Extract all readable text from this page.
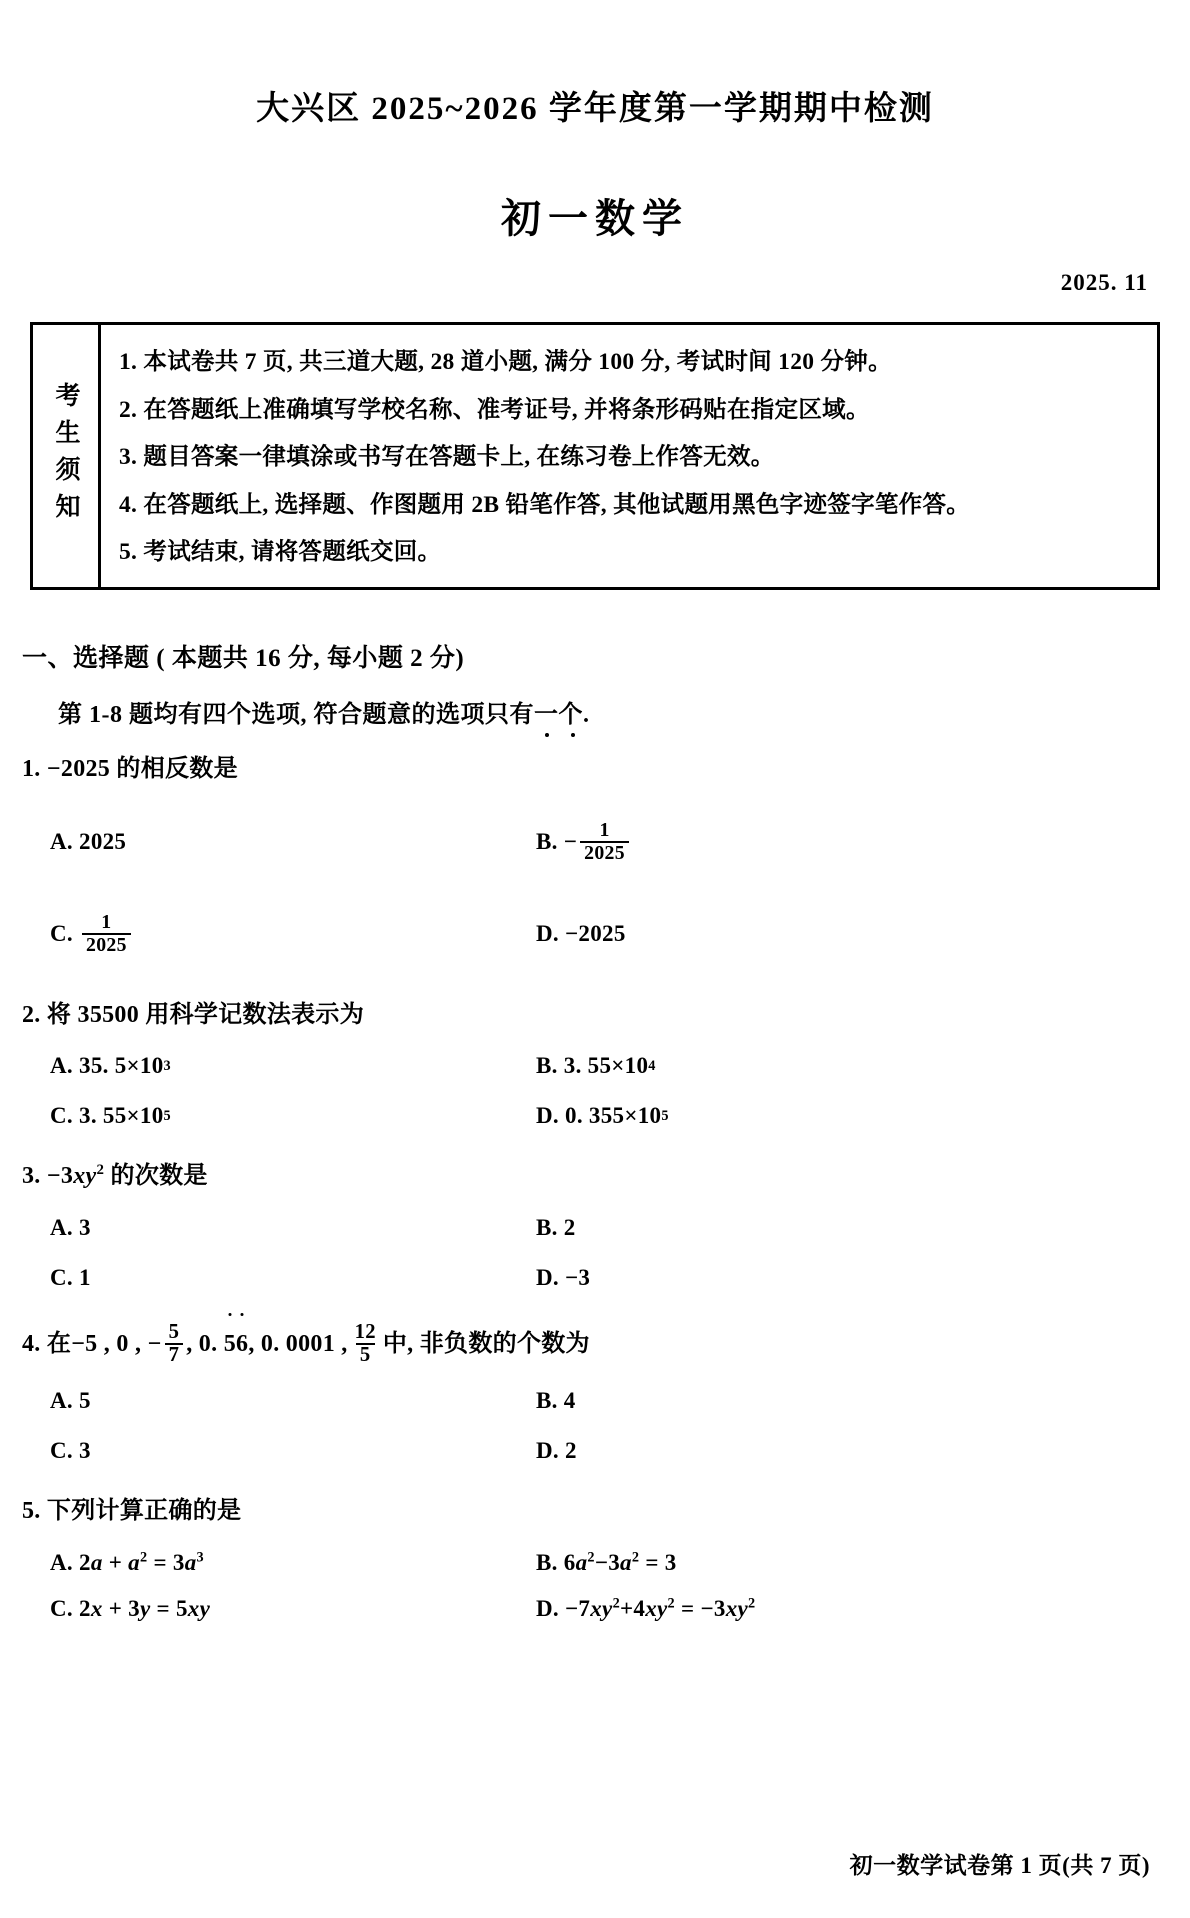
大兴区 2025~2026 学年度第一学期期中检测
初一数学
2025. 11
考生须知
1. 本试卷共 7 页, 共三道大题, 28 道小题, 满分 100 分, 考试时间 120 分钟。
2. 在答题纸上准确填写学校名称、准考证号, 并将条形码贴在指定区域。
3. 题目答案一律填涂或书写在答题卡上, 在练习卷上作答无效。
4. 在答题纸上, 选择题、作图题用 2B 铅笔作答, 其他试题用黑色字迹签字笔作答。
5. 考试结束, 请将答题纸交回。
一、选择题 ( 本题共 16 分, 每小题 2 分)
第 1-8 题均有四个选项, 符合题意的选项只有一个.
1. −2025 的相反数是
A.
2025	B.
− $\frac{1}{2025}$
C.
$\frac{1}{2025}$	D.
−2025
2. 将 35500 用科学记数法表示为
A.
35. 5×10 3	B.
3. 55×10 4
C.
3. 55×10 5	D.
0. 355×10 5
3. $-3xy^2$ 的次数是
A.
3	B.
2
C.
1	D.
−3
4. 在−5 , 0 , − $\frac{5}{7}$ , 0. 5 6 , 0. 0001 , $\frac{12}{5}$ 中, 非负数的个数为
A.
5	B.
4
C.
3	D.
2
5. 下列计算正确的是
A.
$2a + a^2 = 3a^3$	B.
$6a^2-3a^2 = 3$
C.
2x + 3y = 5xy	D.
$-7xy^2+4xy^2 = -3xy^2$
初一数学试卷第 1 页(共 7 页)
